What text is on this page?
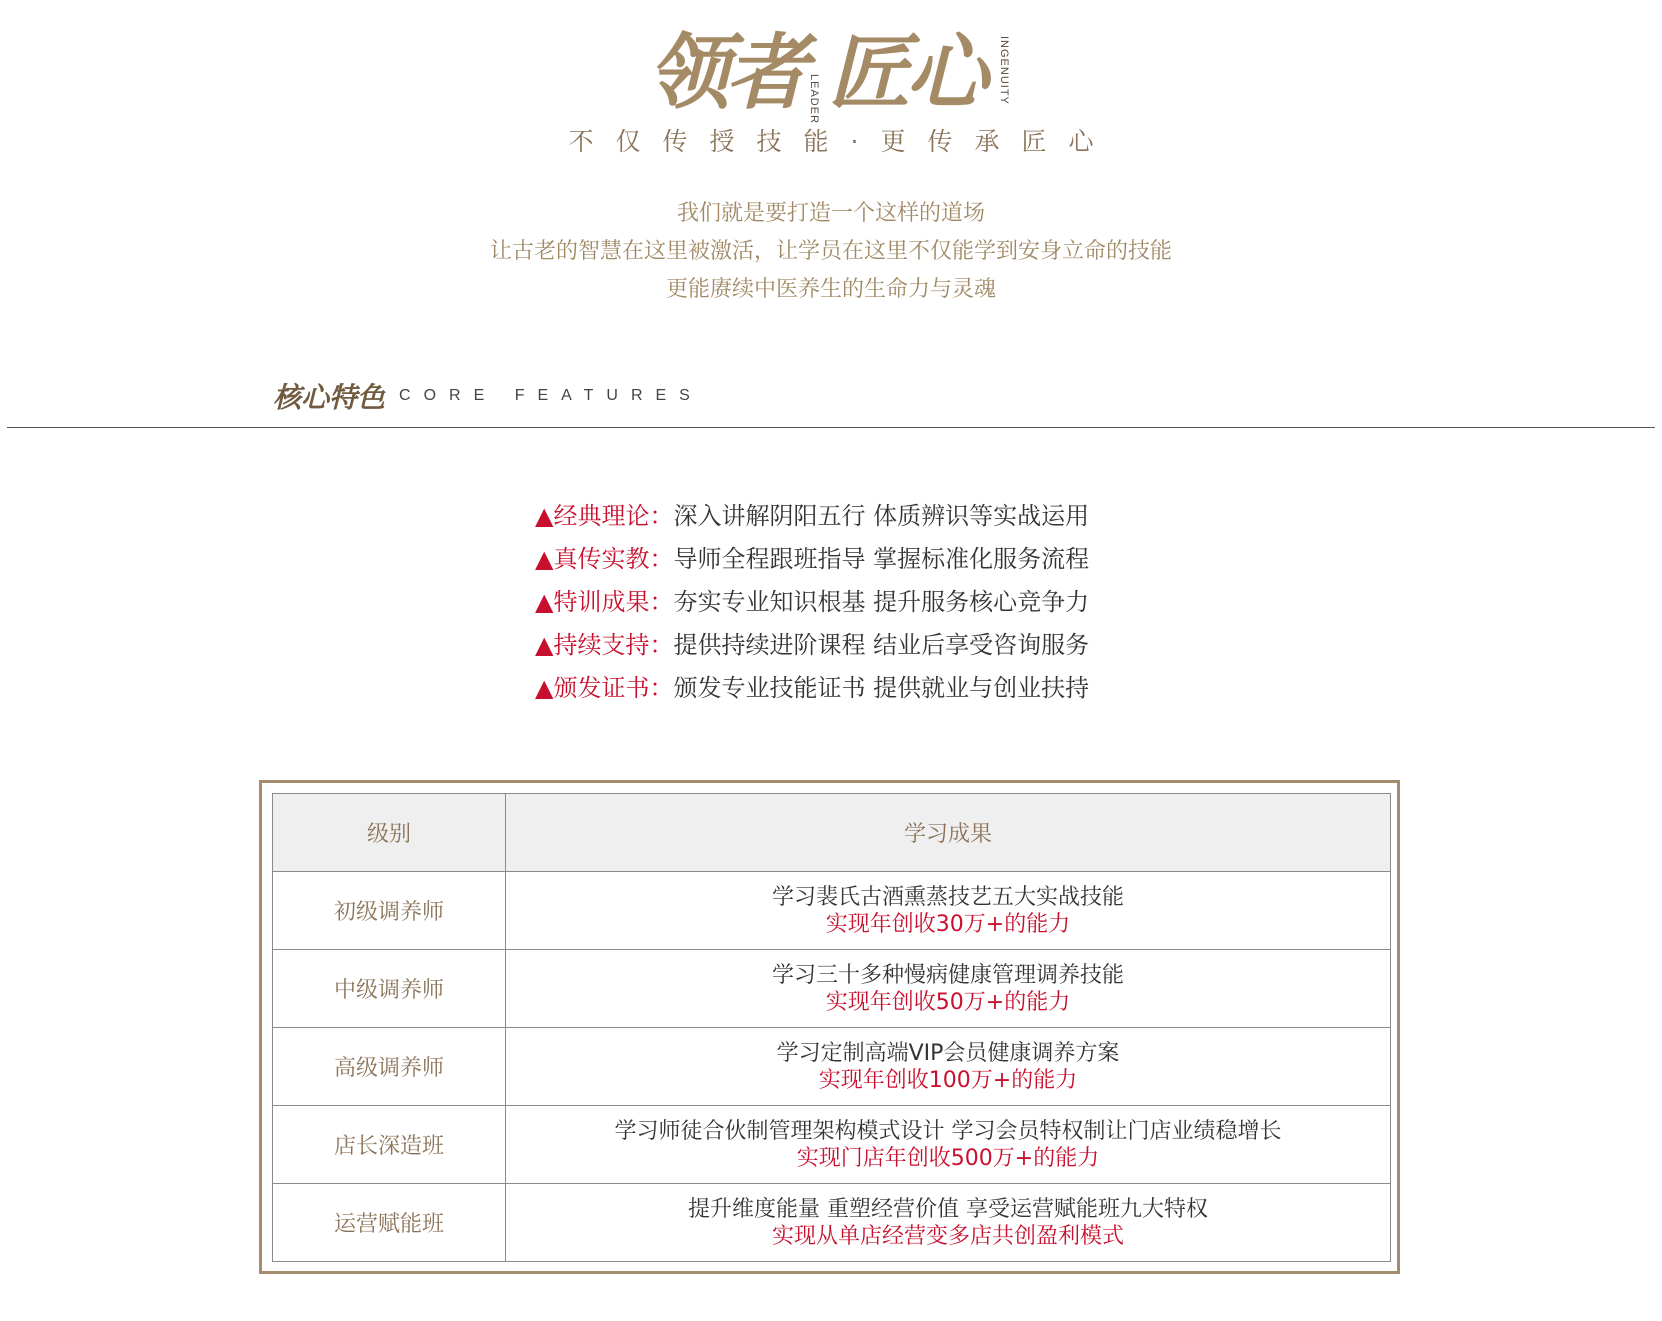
领者 LEADER 匠心 INGENUITY
不仅传授技能·更传承匠心
我们就是要打造一个这样的道场
让古老的智慧在这里被激活，让学员在这里不仅能学到安身立命的技能
更能赓续中医养生的生命力与灵魂
核心特色 CORE FEATURES
▲经典理论：深入讲解阴阳五行 体质辨识等实战运用
▲真传实教：导师全程跟班指导 掌握标准化服务流程
▲特训成果：夯实专业知识根基 提升服务核心竞争力
▲持续支持：提供持续进阶课程 结业后享受咨询服务
▲颁发证书：颁发专业技能证书 提供就业与创业扶持
级别	学习成果
初级调养师	学习裴氏古酒熏蒸技艺五大实战技能
实现年创收30万+的能力

中级调养师	学习三十多种慢病健康管理调养技能
实现年创收50万+的能力

高级调养师	学习定制高端VIP会员健康调养方案
实现年创收100万+的能力

店长深造班	学习师徒合伙制管理架构模式设计 学习会员特权制让门店业绩稳增长
实现门店年创收500万+的能力

运营赋能班	提升维度能量 重塑经营价值 享受运营赋能班九大特权
实现从单店经营变多店共创盈利模式
